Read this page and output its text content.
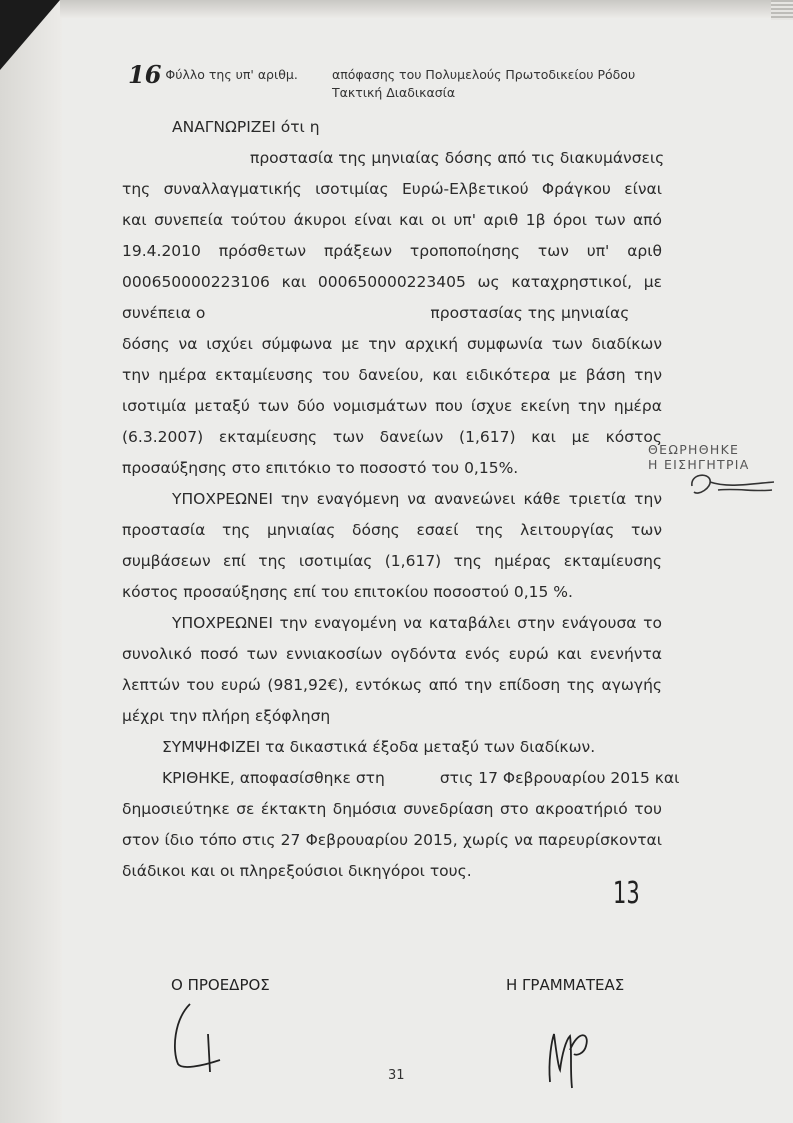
16 Φύλλο της υπ' αριθμ.	απόφασης του Πολυμελούς Πρωτοδικείου Ρόδου
Τακτική Διαδικασία
ΑΝΑΓΝΩΡΙΖΕΙ ότι η
προστασία της μηνιαίας δόσης από τις διακυμάνσεις
της συναλλαγματικής ισοτιμίας Ευρώ-Ελβετικού Φράγκου είναι
και συνεπεία τούτου άκυροι είναι και οι υπ' αριθ 1β όροι των από
19.4.2010 πρόσθετων πράξεων τροποποίησης των υπ' αριθ
000650000223106 και 000650000223405 ως καταχρηστικοί, με
συνέπεια ο	προστασίας της μηνιαίας
δόσης να ισχύει σύμφωνα με την αρχική συμφωνία των διαδίκων
την ημέρα εκταμίευσης του δανείου, και ειδικότερα με βάση την
ισοτιμία μεταξύ των δύο νομισμάτων που ίσχυε εκείνη την ημέρα
(6.3.2007) εκταμίευσης των δανείων (1,617) και με κόστος
προσαύξησης στο επιτόκιο το ποσοστό του 0,15%.
ΥΠΟΧΡΕΩΝΕΙ την εναγόμενη να ανανεώνει κάθε τριετία την
προστασία της μηνιαίας δόσης εσαεί της λειτουργίας των
συμβάσεων επί της ισοτιμίας (1,617) της ημέρας εκταμίευσης
κόστος προσαύξησης επί του επιτοκίου ποσοστού 0,15 %.
ΥΠΟΧΡΕΩΝΕΙ την εναγομένη να καταβάλει στην ενάγουσα το
συνολικό ποσό των εννιακοσίων ογδόντα ενός ευρώ και ενενήντα
λεπτών του ευρώ (981,92€), εντόκως από την επίδοση της αγωγής
μέχρι την πλήρη εξόφληση
ΣΥΜΨΗΦΙΖΕΙ τα δικαστικά έξοδα μεταξύ των διαδίκων.
ΚΡΙΘΗΚΕ, αποφασίσθηκε στη	στις 17 Φεβρουαρίου 2015 και
δημοσιεύτηκε σε έκτακτη δημόσια συνεδρίαση στο ακροατήριό του
στον ίδιο τόπο στις 27 Φεβρουαρίου 2015, χωρίς να παρευρίσκονται
διάδικοι και οι πληρεξούσιοι δικηγόροι τους.
ΘΕΩΡΗΘΗΚΕ
Η ΕΙΣΗΓΗΤΡΙΑ
13
Ο ΠΡΟΕΔΡΟΣ	Η ΓΡΑΜΜΑΤΕΑΣ
31
